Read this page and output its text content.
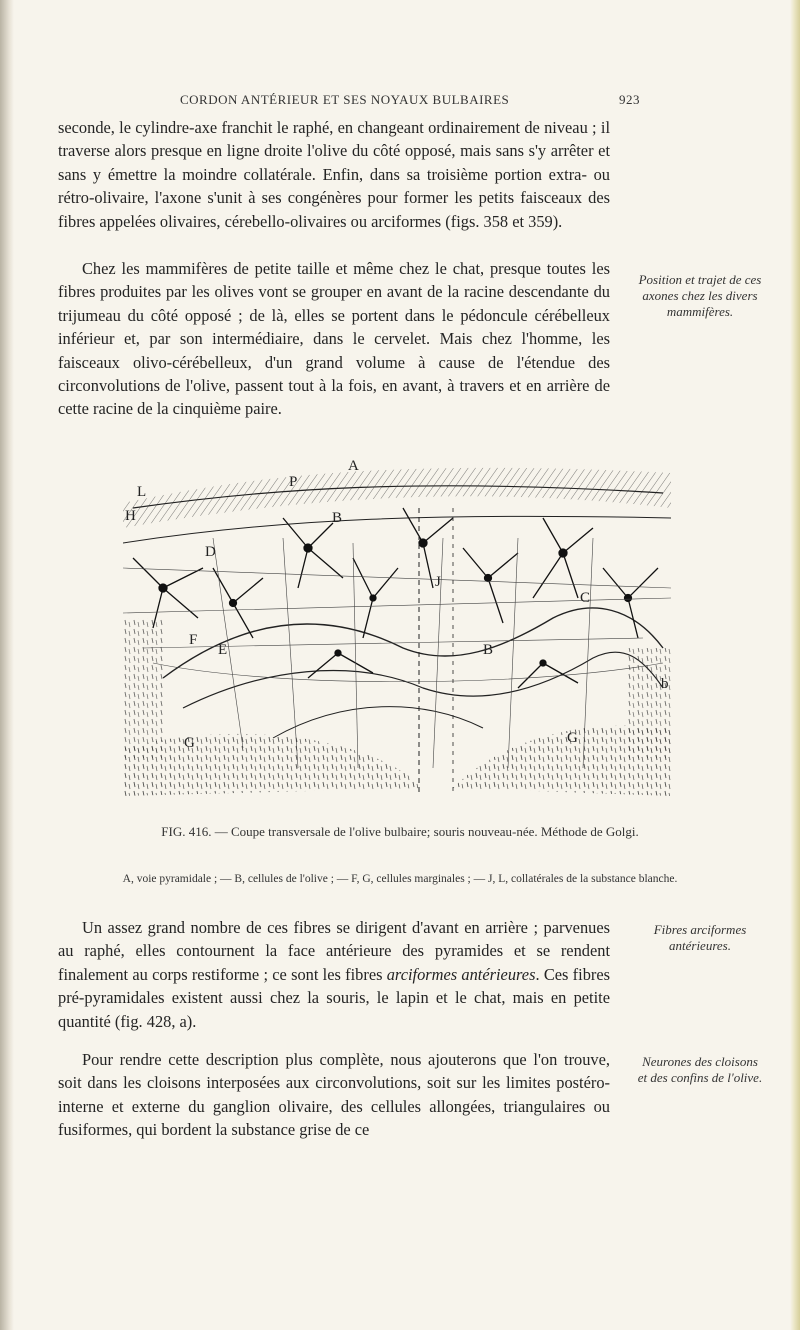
CORDON ANTÉRIEUR ET SES NOYAUX BULBAIRES	923

seconde, le cylindre-axe franchit le raphé, en changeant ordinairement de niveau ; il traverse alors presque en ligne droite l'olive du côté opposé, mais sans s'y arrêter et sans y émettre la moindre collatérale. Enfin, dans sa troisième portion extra- ou rétro-olivaire, l'axone s'unit à ses congénères pour former les petits faisceaux des fibres appelées olivaires, cérebello-olivaires ou arciformes (figs. 358 et 359).

Chez les mammifères de petite taille et même chez le chat, presque toutes les fibres produites par les olives vont se grouper en avant de la racine descendante du trijumeau du côté opposé ; de là, elles se portent dans le pédoncule cérébelleux inférieur et, par son intermédiaire, dans le cervelet. Mais chez l'homme, les faisceaux olivo-cérébelleux, d'un grand volume à cause de l'étendue des circonvolutions de l'olive, passent tout à la fois, en avant, à travers et en arrière de cette racine de la cinquième paire.

Position et trajet de ces axones chez les divers mammifères.
A
P
L
H
D
B
J
C
F
E	B
G	G
b
FIG. 416. — Coupe transversale de l'olive bulbaire; souris nouveau-née. Méthode de Golgi.
A, voie pyramidale ; — B, cellules de l'olive ; — F, G, cellules marginales ; — J, L, collatérales de la substance blanche.

Un assez grand nombre de ces fibres se dirigent d'avant en arrière ; parvenues au raphé, elles contournent la face antérieure des pyramides et se rendent finalement au corps restiforme ; ce sont les fibres arciformes antérieures. Ces fibres pré-pyramidales existent aussi chez la souris, le lapin et le chat, mais en petite quantité (fig. 428, a).

Fibres arciformes antérieures.

Pour rendre cette description plus complète, nous ajouterons que l'on trouve, soit dans les cloisons interposées aux circonvolutions, soit sur les limites postéro-interne et externe du ganglion olivaire, des cellules allongées, triangulaires ou fusiformes, qui bordent la substance grise de ce

Neurones des cloisons et des confins de l'olive.
